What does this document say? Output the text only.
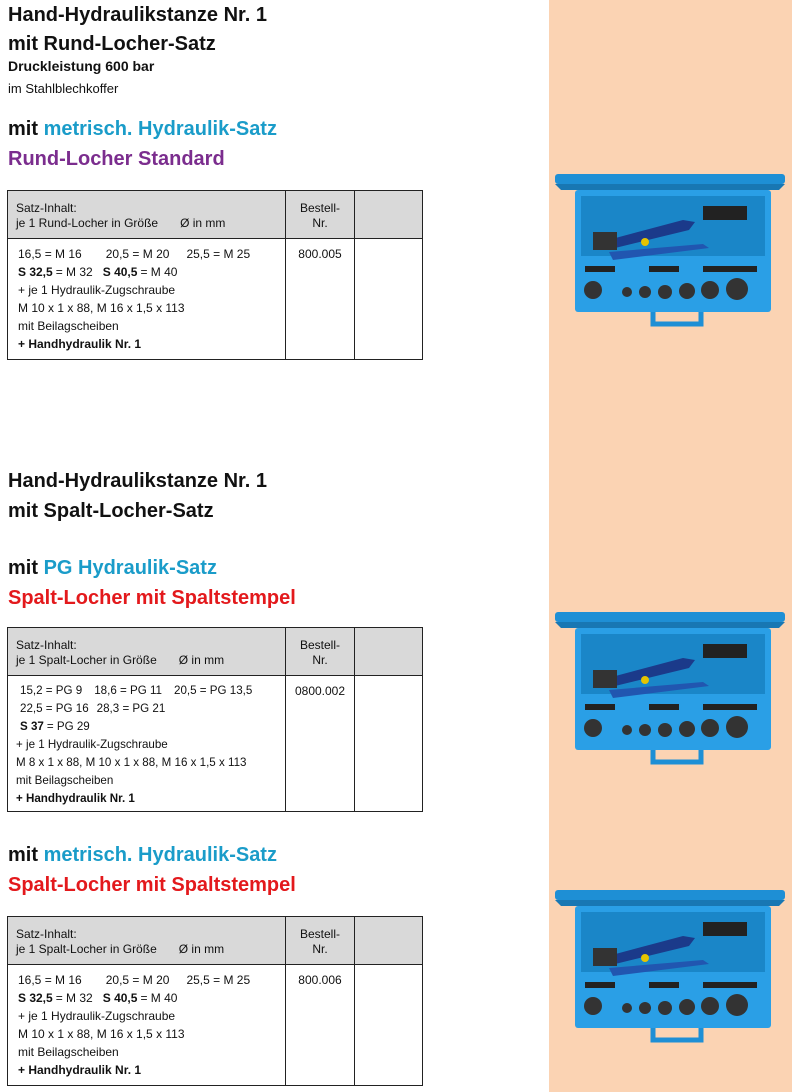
Hand-Hydraulikstanze Nr. 1
mit Rund-Locher-Satz
Druckleistung 600 bar
im Stahlblechkoffer
mit metrisch. Hydraulik-Satz
Rund-Locher Standard
Satz-Inhalt:
je 1 Rund-Locher in Größe Ø in mm
Bestell-
Nr.
16,5 = M 16 20,5 = M 20 25,5 = M 25
S 32,5 = M 32 S 40,5 = M 40
+ je 1 Hydraulik-Zugschraube
M 10 x 1 x 88, M 16 x 1,5 x 113
mit Beilagscheiben
+ Handhydraulik Nr. 1
800.005
Hand-Hydraulikstanze Nr. 1
mit Spalt-Locher-Satz
mit PG Hydraulik-Satz
Spalt-Locher mit Spaltstempel
Satz-Inhalt:
je 1 Spalt-Locher in Größe Ø in mm
Bestell-
Nr.
15,2 = PG 9 18,6 = PG 11 20,5 = PG 13,5
22,5 = PG 16 28,3 = PG 21
S 37 = PG 29
+ je 1 Hydraulik-Zugschraube
M 8 x 1 x 88, M 10 x 1 x 88, M 16 x 1,5 x 113
mit Beilagscheiben
+ Handhydraulik Nr. 1
0800.002
mit metrisch. Hydraulik-Satz
Spalt-Locher mit Spaltstempel
Satz-Inhalt:
je 1 Spalt-Locher in Größe Ø in mm
Bestell-
Nr.
16,5 = M 16 20,5 = M 20 25,5 = M 25
S 32,5 = M 32 S 40,5 = M 40
+ je 1 Hydraulik-Zugschraube
M 10 x 1 x 88, M 16 x 1,5 x 113
mit Beilagscheiben
+ Handhydraulik Nr. 1
800.006
